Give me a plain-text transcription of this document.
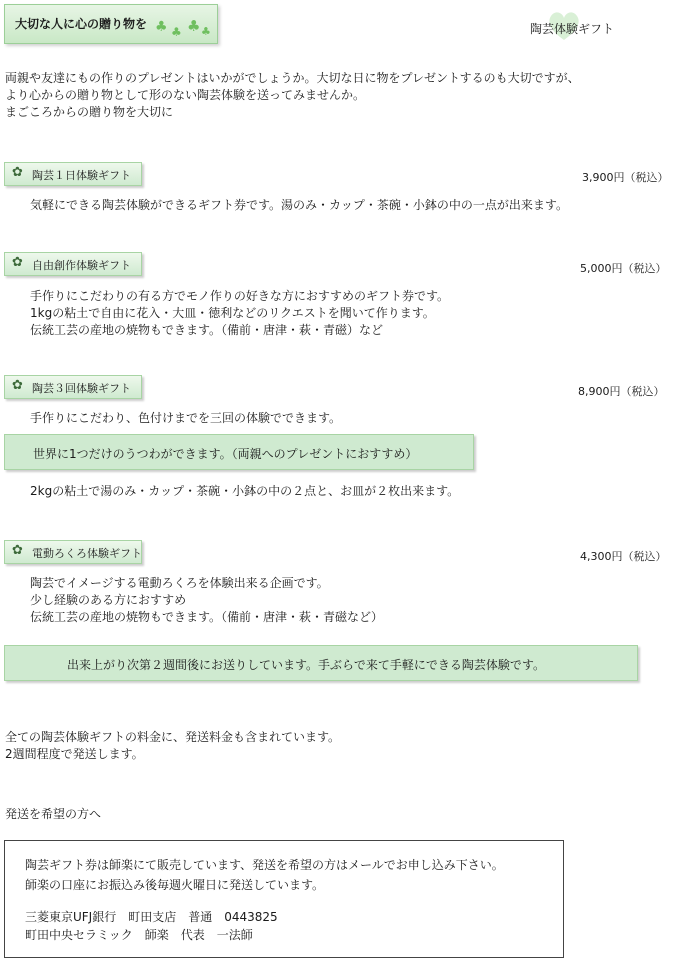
大切な人に心の贈り物を ♣ ♣ ♣ ♣	陶芸体験ギフト
両親や友達にもの作りのプレゼントはいかがでしょうか。大切な日に物をプレゼントするのも大切ですが、
より心からの贈り物として形のない陶芸体験を送ってみませんか。
まごころからの贈り物を大切に
✿ 陶芸１日体験ギフト	3,900円（税込）
気軽にできる陶芸体験ができるギフト券です。湯のみ・カップ・茶碗・小鉢の中の一点が出来ます。
✿ 自由創作体験ギフト	5,000円（税込）
手作りにこだわりの有る方でモノ作りの好きな方におすすめのギフト券です。
1kgの粘土で自由に花入・大皿・徳利などのリクエストを聞いて作ります。
伝統工芸の産地の焼物もできます。（備前・唐津・萩・青磁）など
✿ 陶芸３回体験ギフト	8,900円（税込）
手作りにこだわり、色付けまでを三回の体験でできます。
世界に1つだけのうつわができます。（両親へのプレゼントにおすすめ）
2kgの粘土で湯のみ・カップ・茶碗・小鉢の中の２点と、お皿が２枚出来ます。
✿ 電動ろくろ体験ギフト	4,300円（税込）
陶芸でイメージする電動ろくろを体験出来る企画です。
少し経験のある方におすすめ
伝統工芸の産地の焼物もできます。（備前・唐津・萩・青磁など）
出来上がり次第２週間後にお送りしています。手ぶらで来て手軽にできる陶芸体験です。
全ての陶芸体験ギフトの料金に、発送料金も含まれています。
2週間程度で発送します。
発送を希望の方へ
陶芸ギフト券は師楽にて販売しています、発送を希望の方はメールでお申し込み下さい。
師楽の口座にお振込み後毎週火曜日に発送しています。
三菱東京UFJ銀行　町田支店　普通　0443825
町田中央セラミック　師楽　代表　一法師
